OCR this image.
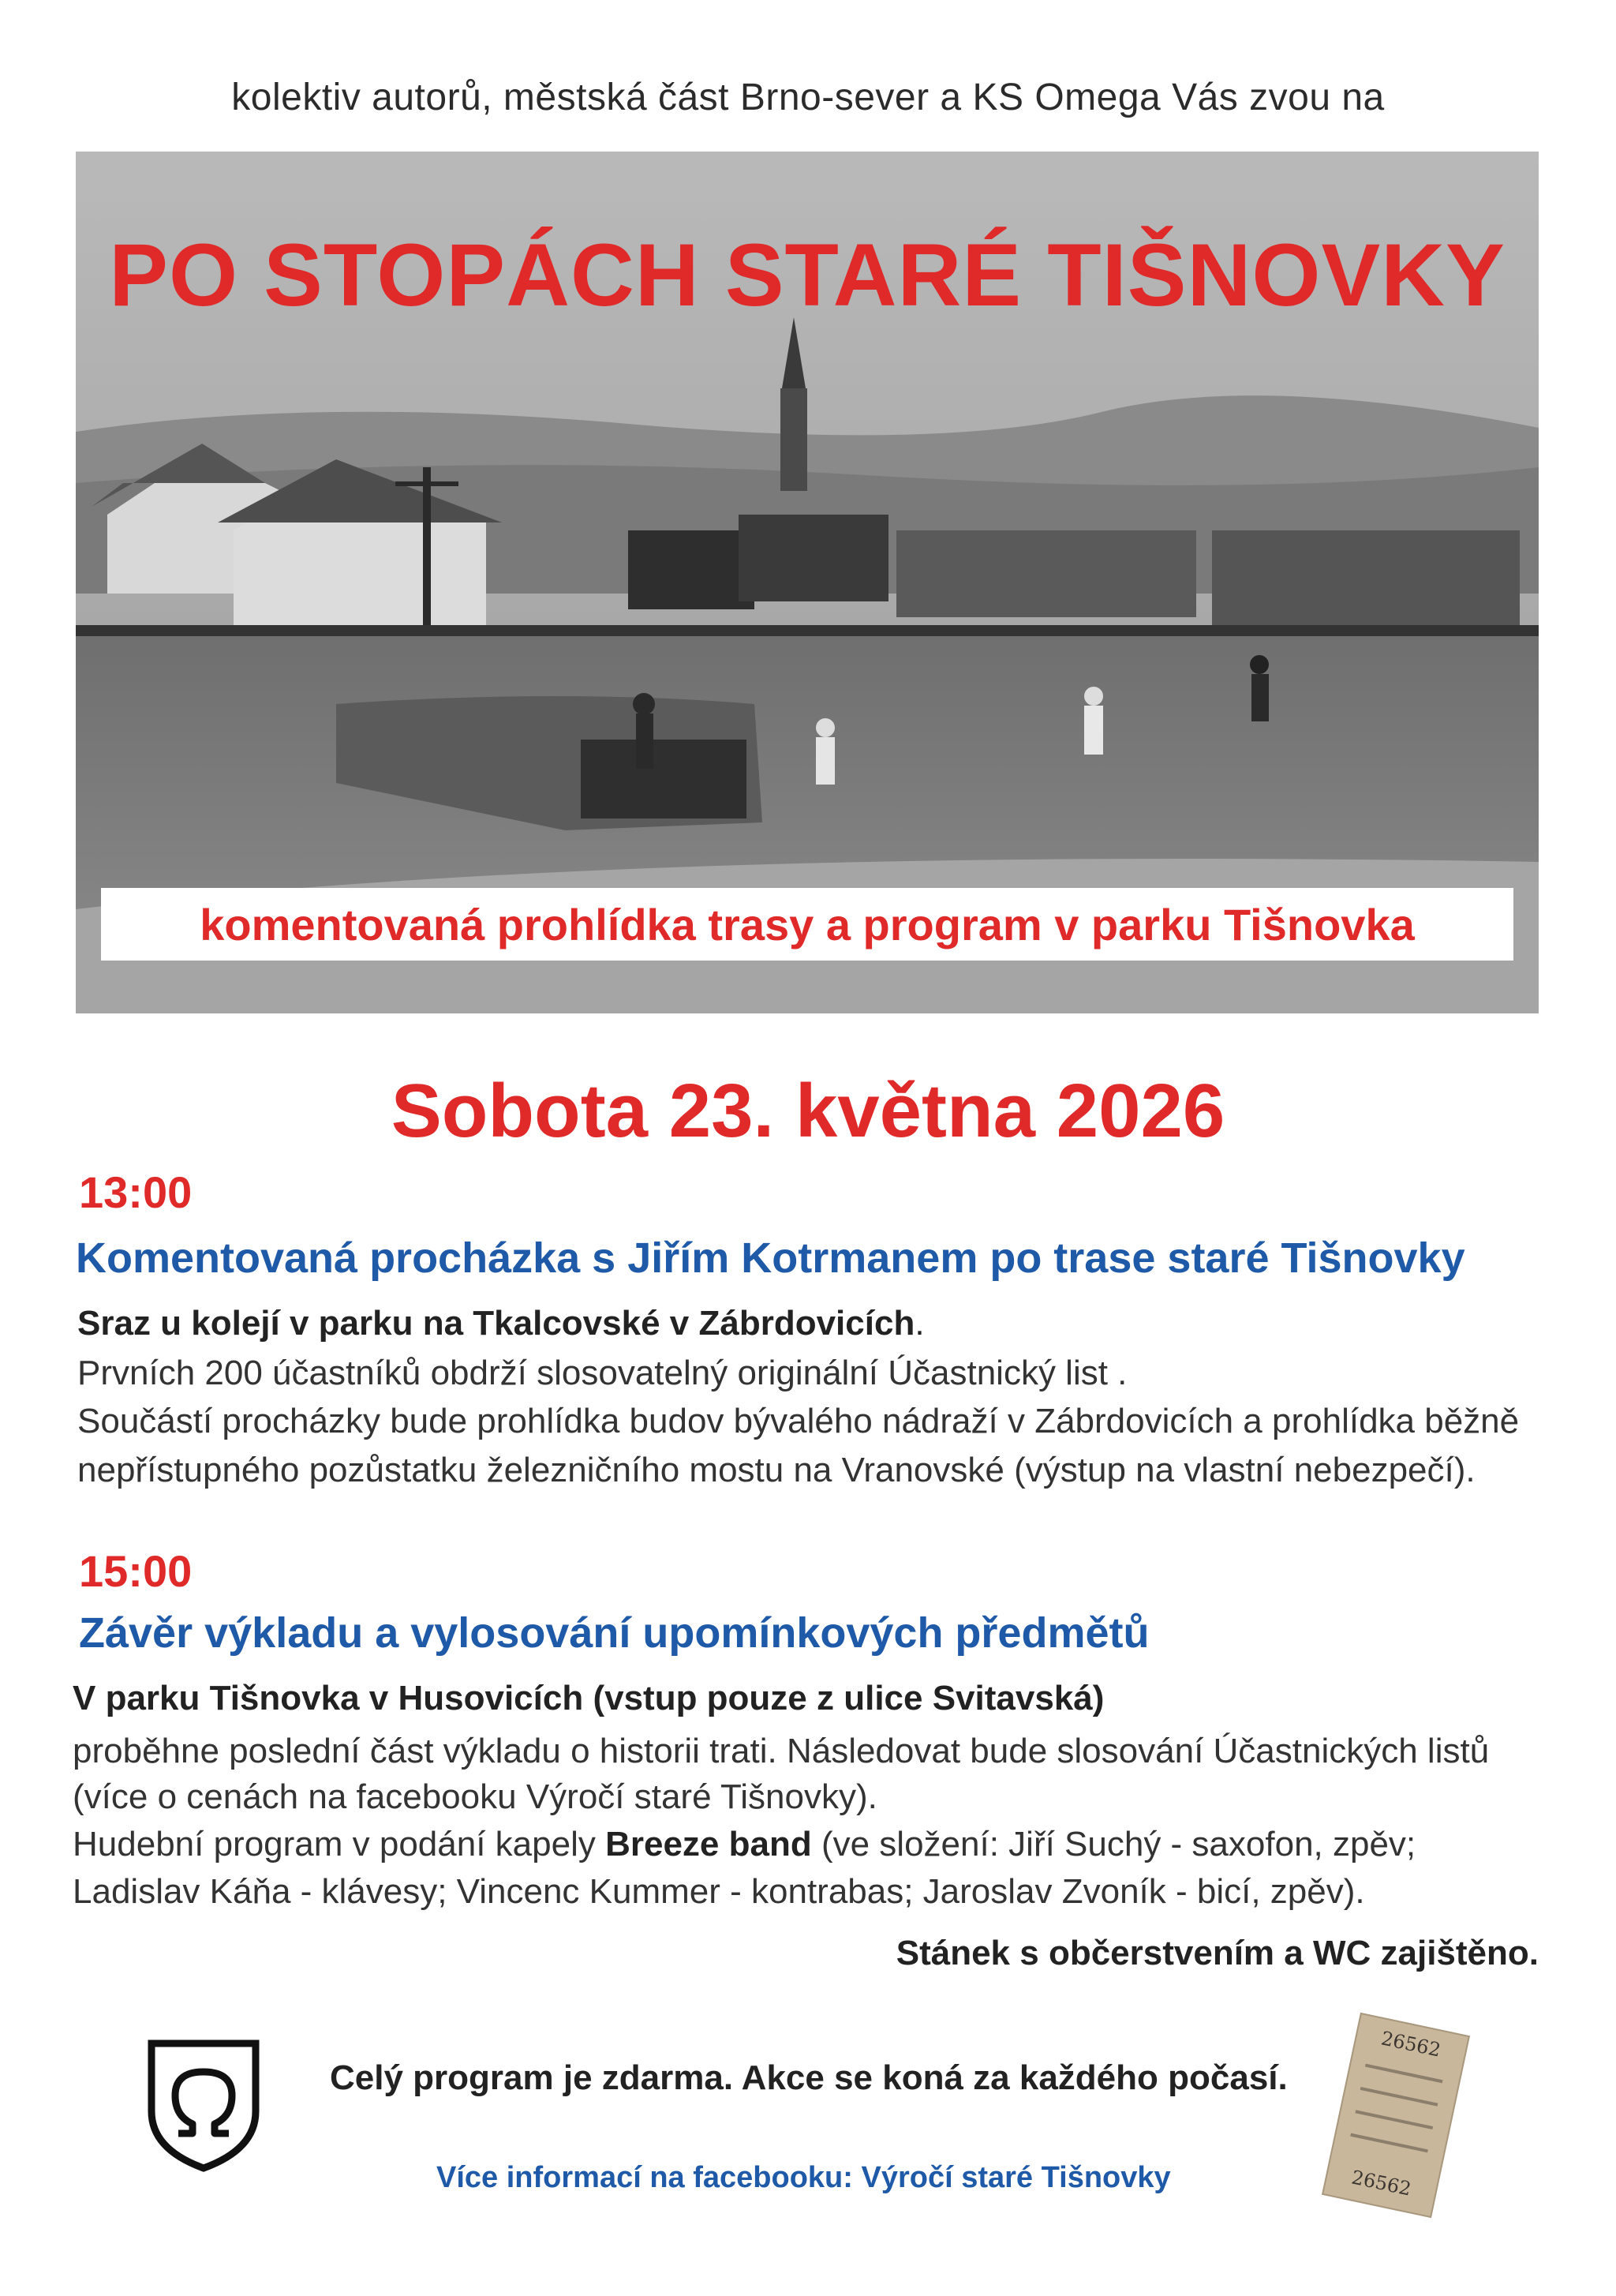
kolektiv autorů, městská část Brno-sever a KS Omega Vás zvou na
PO STOPÁCH STARÉ TIŠNOVKY
komentovaná prohlídka trasy a program v parku Tišnovka
Sobota 23. května 2026
13:00
Komentovaná procházka s Jiřím Kotrmanem po trase staré Tišnovky
Sraz u kolejí v parku na Tkalcovské v Zábrdovicích.
Prvních 200 účastníků obdrží slosovatelný originální Účastnický list .
Součástí procházky bude prohlídka budov bývalého nádraží v Zábrdovicích a prohlídka běžně
nepřístupného pozůstatku železničního mostu na Vranovské (výstup na vlastní nebezpečí).
15:00
Závěr výkladu a vylosování upomínkových předmětů
V parku Tišnovka v Husovicích (vstup pouze z ulice Svitavská)
proběhne poslední část výkladu o historii trati. Následovat bude slosování Účastnických listů
(více o cenách na facebooku Výročí staré Tišnovky).
Hudební program v podání kapely Breeze band (ve složení: Jiří Suchý - saxofon, zpěv;
Ladislav Káňa - klávesy; Vincenc Kummer - kontrabas; Jaroslav Zvoník - bicí, zpěv).
Stánek s občerstvením a WC zajištěno.
Celý program je zdarma. Akce se koná za každého počasí.
Více informací na facebooku: Výročí staré Tišnovky
26562
26562
